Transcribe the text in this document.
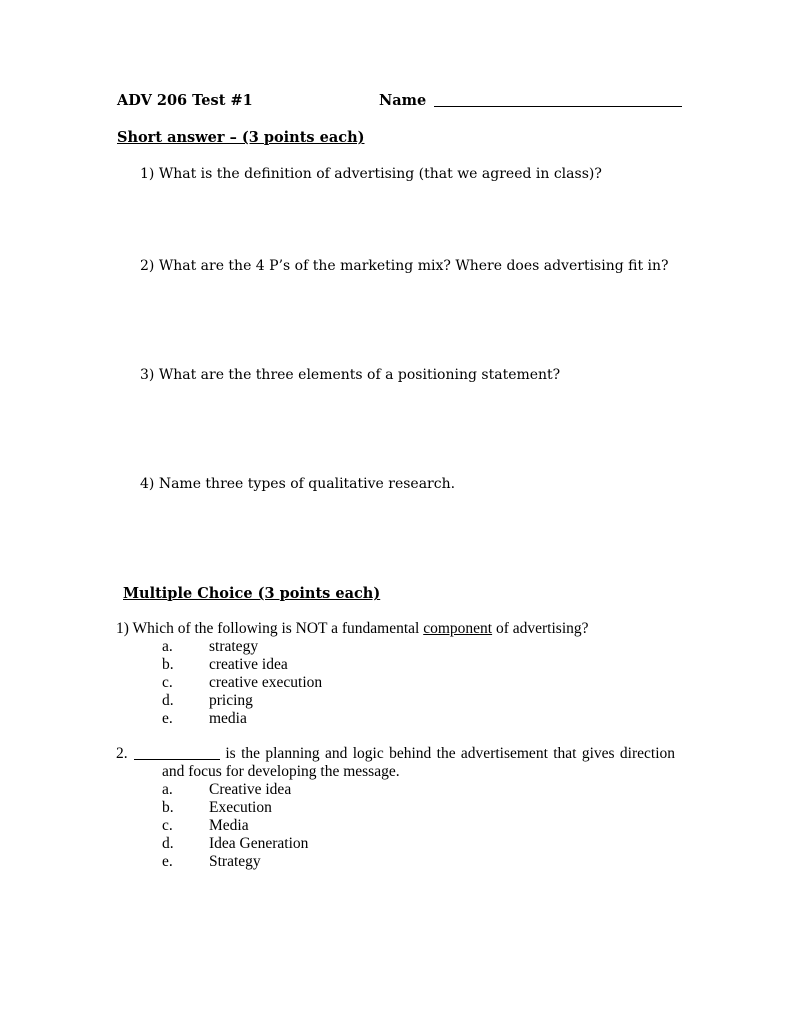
ADV 206 Test #1	Name
Short answer – (3 points each)
1) What is the definition of advertising (that we agreed in class)?
2) What are the 4 P’s of the marketing mix? Where does advertising fit in?
3) What are the three elements of a positioning statement?
4) Name three types of qualitative research.
Multiple Choice (3 points each)
1) Which of the following is NOT a fundamental component of advertising?
a. strategy
b. creative idea
c. creative execution
d. pricing
e. media
2.	is the planning and logic behind the advertisement that gives direction
and focus for developing the message.
a. Creative idea
b. Execution
c. Media
d. Idea Generation
e. Strategy
